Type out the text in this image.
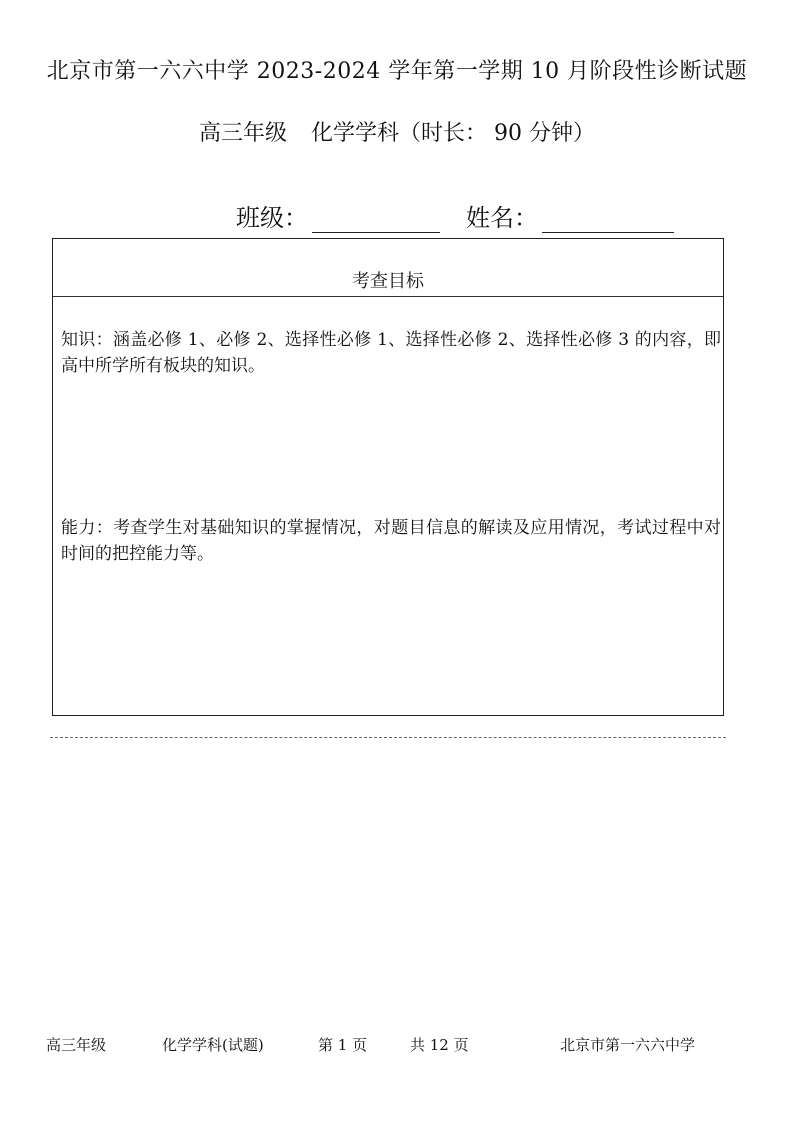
北京市第一六六中学 2023-2024 学年第一学期 10 月阶段性诊断试题
高三年级 化学学科（时长： 90 分钟）
班级：	姓名：
考查目标
知识：涵盖必修 1、必修 2、选择性必修 1、选择性必修 2、选择性必修 3 的内容，即高中所学所有板块的知识。
能力：考查学生对基础知识的掌握情况，对题目信息的解读及应用情况，考试过程中对时间的把控能力等。
高三年级	化学学科(试题)	第 1 页	共 12 页	北京市第一六六中学
